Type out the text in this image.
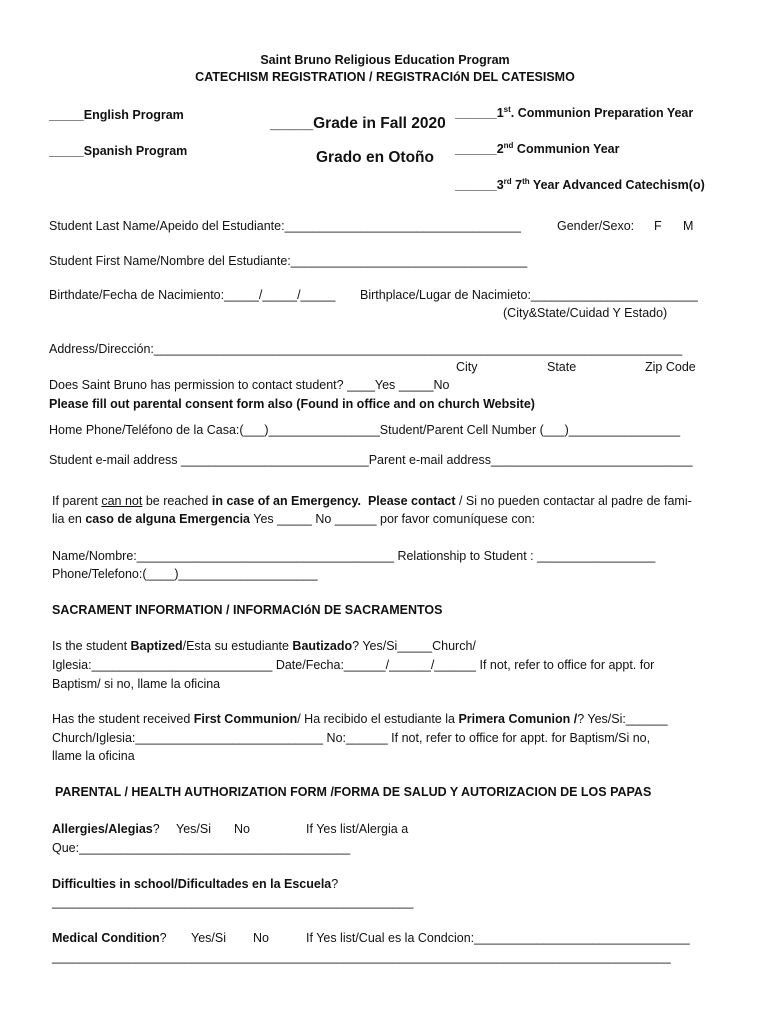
Saint Bruno Religious Education Program
CATECHISM REGISTRATION / REGISTRACIóN DEL CATESISMO
_____English Program
_____Spanish Program
_____Grade in Fall 2020
Grado en Otoño
______1st. Communion Preparation Year
______2nd Communion Year
______3rd 7th Year Advanced Catechism(o)
Student Last Name/Apeido del Estudiante:__________________________________	Gender/Sexo: F M
Student First Name/Nombre del Estudiante:__________________________________
Birthdate/Fecha de Nacimiento:_____/_____/_____ Birthplace/Lugar de Nacimieto:________________________
(City&State/Cuidad Y Estado)
Address/Dirección:____________________________________________________________________________
City	State	Zip Code
Does Saint Bruno has permission to contact student? ____Yes _____No
Please fill out parental consent form also (Found in office and on church Website)
Home Phone/Teléfono de la Casa:(___)________________Student/Parent Cell Number (___)________________
Student e-mail address ___________________________Parent e-mail address_____________________________
If parent can not be reached in case of an Emergency. Please contact / Si no pueden contactar al padre de fami-
lia en caso de alguna Emergencia Yes _____ No ______ por favor comuníquese con:
Name/Nombre:_____________________________________ Relationship to Student : _________________
Phone/Telefono:(____)____________________
SACRAMENT INFORMATION / INFORMACIóN DE SACRAMENTOS
Is the student Baptized/Esta su estudiante Bautizado? Yes/Si_____Church/
Iglesia:__________________________ Date/Fecha:______/______/______ If not, refer to office for appt. for
Baptism/ si no, llame la oficina
Has the student received First Communion/ Ha recibido el estudiante la Primera Comunion /? Yes/Si:______
Church/Iglesia:___________________________ No:______ If not, refer to office for appt. for Baptism/Si no,
llame la oficina
PARENTAL / HEALTH AUTHORIZATION FORM /FORMA DE SALUD Y AUTORIZACION DE LOS PAPAS
Allergies/Alegias? Yes/Si No	If Yes list/Alergia a
Que:_______________________________________
Difficulties in school/Dificultades en la Escuela?
____________________________________________________
Medical Condition? Yes/Si No	If Yes list/Cual es la Condcion:_______________________________
_________________________________________________________________________________________
